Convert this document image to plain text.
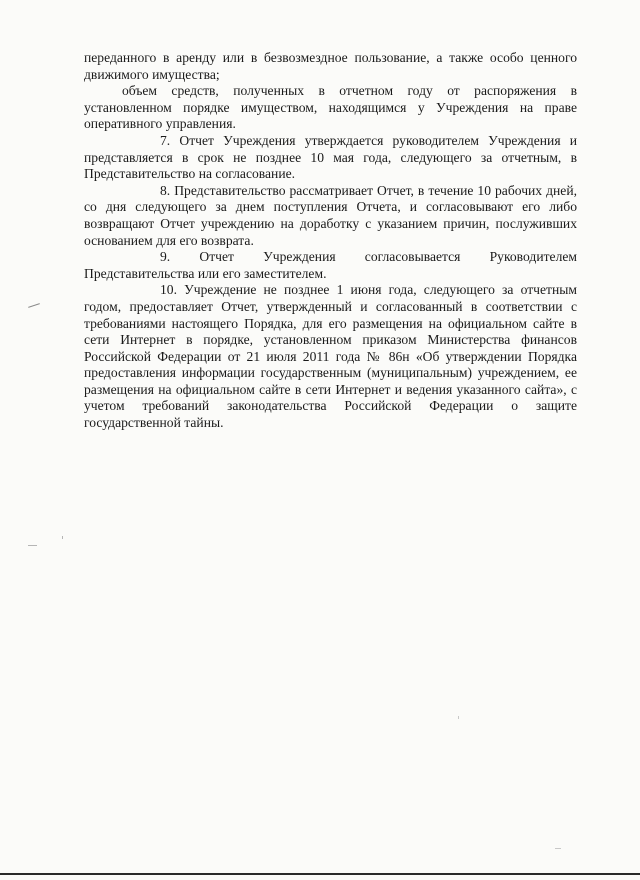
переданного в аренду или в безвозмездное пользование, а также особо ценного движимого имущества;

объем средств, полученных в отчетном году от распоряжения в установленном порядке имуществом, находящимся у Учреждения на праве оперативного управления.

7. Отчет Учреждения утверждается руководителем Учреждения и представляется в срок не позднее 10 мая года, следующего за отчетным, в Представительство на согласование.

8. Представительство рассматривает Отчет, в течение 10 рабочих дней, со дня следующего за днем поступления Отчета, и согласовывают его либо возвращают Отчет учреждению на доработку с указанием причин, послуживших основанием для его возврата.

9. Отчет Учреждения согласовывается Руководителем Представительства или его заместителем.

10. Учреждение не позднее 1 июня года, следующего за отчетным годом, предоставляет Отчет, утвержденный и согласованный в соответствии с требованиями настоящего Порядка, для его размещения на официальном сайте в сети Интернет в порядке, установленном приказом Министерства финансов Российской Федерации от 21 июля 2011 года № 86н «Об утверждении Порядка предоставления информации государственным (муниципальным) учреждением, ее размещения на официальном сайте в сети Интернет и ведения указанного сайта», с учетом требований законодательства Российской Федерации о защите государственной тайны.
